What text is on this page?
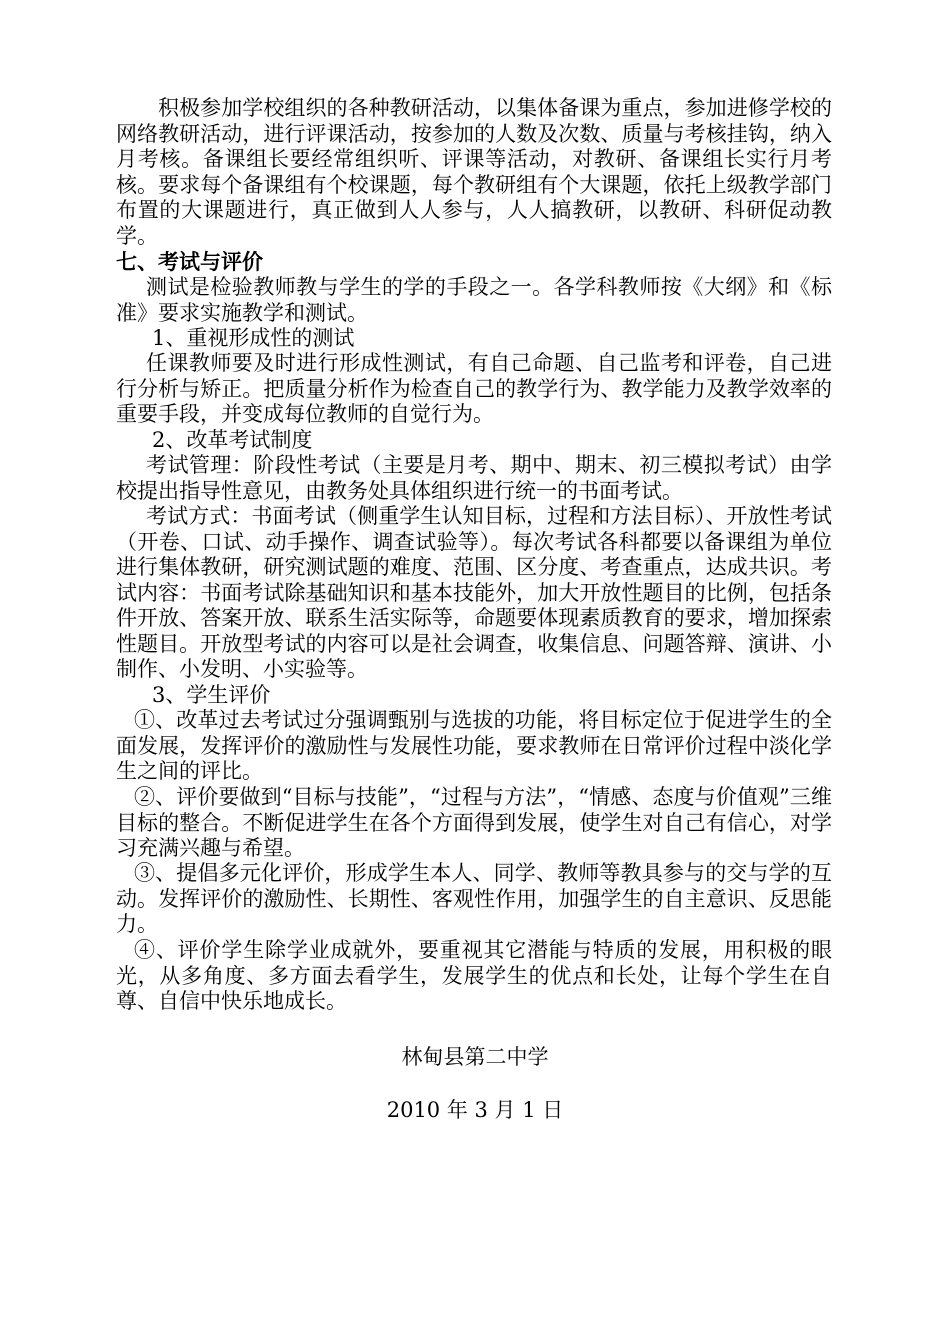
积极参加学校组织的各种教研活动，以集体备课为重点，参加进修学校的网络教研活动，进行评课活动，按参加的人数及次数、质量与考核挂钩，纳入月考核。备课组长要经常组织听、评课等活动，对教研、备课组长实行月考核。要求每个备课组有个校课题，每个教研组有个大课题，依托上级教学部门布置的大课题进行，真正做到人人参与，人人搞教研，以教研、科研促动教学。

七、考试与评价

测试是检验教师教与学生的学的手段之一。各学科教师按《大纲》和《标准》要求实施教学和测试。

1、重视形成性的测试

任课教师要及时进行形成性测试，有自己命题、自己监考和评卷，自己进行分析与矫正。把质量分析作为检查自己的教学行为、教学能力及教学效率的重要手段，并变成每位教师的自觉行为。

2、改革考试制度

考试管理：阶段性考试（主要是月考、期中、期末、初三模拟考试）由学校提出指导性意见，由教务处具体组织进行统一的书面考试。

考试方式：书面考试（侧重学生认知目标，过程和方法目标）、开放性考试（开卷、口试、动手操作、调查试验等）。每次考试各科都要以备课组为单位进行集体教研，研究测试题的难度、范围、区分度、考查重点，达成共识。考试内容：书面考试除基础知识和基本技能外，加大开放性题目的比例，包括条件开放、答案开放、联系生活实际等，命题要体现素质教育的要求，增加探索性题目。开放型考试的内容可以是社会调查，收集信息、问题答辩、演讲、小制作、小发明、小实验等。

3、学生评价

①、改革过去考试过分强调甄别与选拔的功能，将目标定位于促进学生的全面发展，发挥评价的激励性与发展性功能，要求教师在日常评价过程中淡化学生之间的评比。

②、评价要做到“目标与技能”，“过程与方法”，“情感、态度与价值观”三维目标的整合。不断促进学生在各个方面得到发展，使学生对自己有信心，对学习充满兴趣与希望。

③、提倡多元化评价，形成学生本人、同学、教师等教具参与的交与学的互动。发挥评价的激励性、长期性、客观性作用，加强学生的自主意识、反思能力。

④、评价学生除学业成就外，要重视其它潜能与特质的发展，用积极的眼光，从多角度、多方面去看学生，发展学生的优点和长处，让每个学生在自尊、自信中快乐地成长。

林甸县第二中学

2010 年 3 月 1 日
